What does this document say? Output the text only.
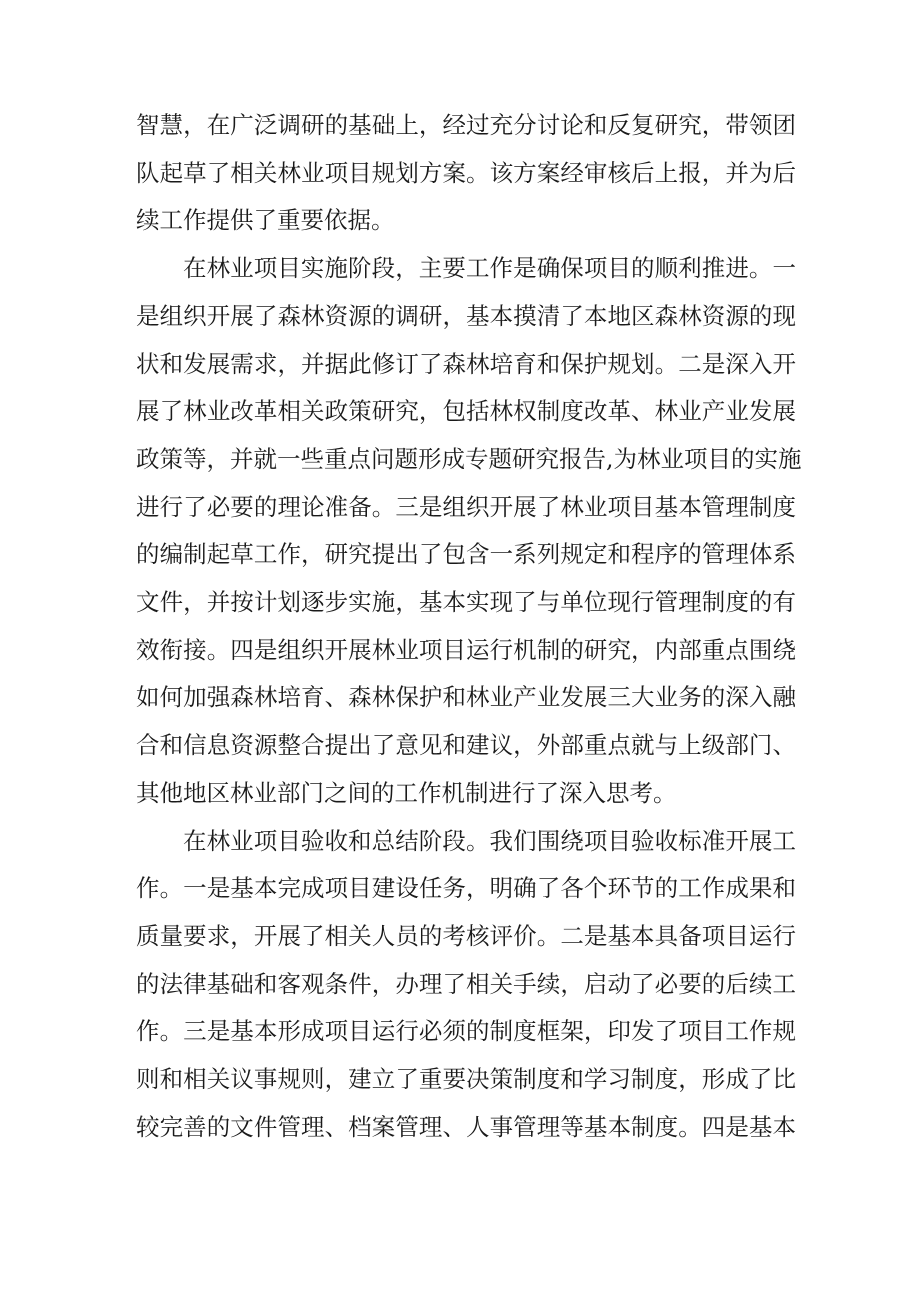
智慧，在广泛调研的基础上，经过充分讨论和反复研究，带领团
队起草了相关林业项目规划方案。该方案经审核后上报，并为后
续工作提供了重要依据。

在林业项目实施阶段，主要工作是确保项目的顺利推进。一
是组织开展了森林资源的调研，基本摸清了本地区森林资源的现
状和发展需求，并据此修订了森林培育和保护规划。二是深入开
展了林业改革相关政策研究，包括林权制度改革、林业产业发展
政策等，并就一些重点问题形成专题研究报告,为林业项目的实施
进行了必要的理论准备。三是组织开展了林业项目基本管理制度
的编制起草工作，研究提出了包含一系列规定和程序的管理体系
文件，并按计划逐步实施，基本实现了与单位现行管理制度的有
效衔接。四是组织开展林业项目运行机制的研究，内部重点围绕
如何加强森林培育、森林保护和林业产业发展三大业务的深入融
合和信息资源整合提出了意见和建议，外部重点就与上级部门、
其他地区林业部门之间的工作机制进行了深入思考。

在林业项目验收和总结阶段。我们围绕项目验收标准开展工
作。一是基本完成项目建设任务，明确了各个环节的工作成果和
质量要求，开展了相关人员的考核评价。二是基本具备项目运行
的法律基础和客观条件，办理了相关手续，启动了必要的后续工
作。三是基本形成项目运行必须的制度框架，印发了项目工作规
则和相关议事规则，建立了重要决策制度和学习制度，形成了比
较完善的文件管理、档案管理、人事管理等基本制度。四是基本
